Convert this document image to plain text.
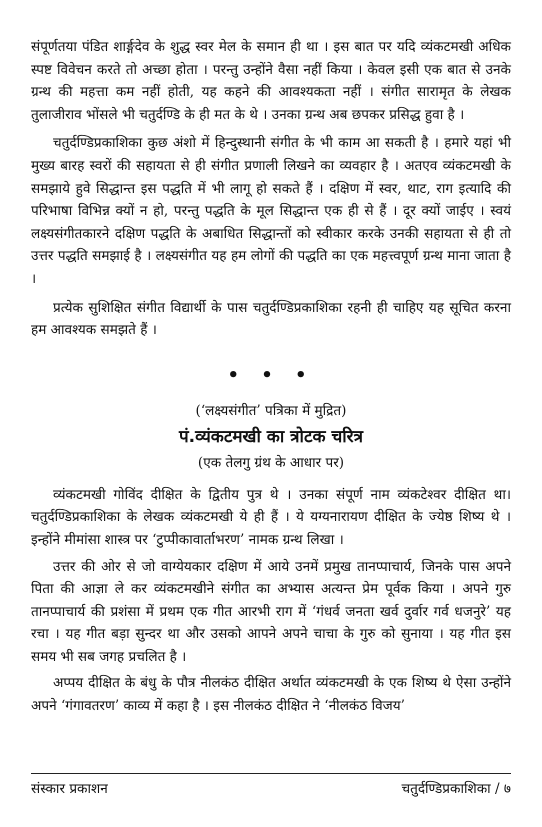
संपूर्णतया पंडित शार्ङ्गदेव के शुद्ध स्वर मेल के समान ही था । इस बात पर यदि व्यंकटमखी अधिक स्पष्ट विवेचन करते तो अच्छा होता । परन्तु उन्होंने वैसा नहीं किया । केवल इसी एक बात से उनके ग्रन्थ की महत्ता कम नहीं होती, यह कहने की आवश्यकता नहीं । संगीत सारामृत के लेखक तुलाजीराव भोंसले भी चतुर्दण्डि के ही मत के थे । उनका ग्रन्थ अब छपकर प्रसिद्ध हुवा है ।

चतुर्दण्डिप्रकाशिका कुछ अंशो में हिन्दुस्थानी संगीत के भी काम आ सकती है । हमारे यहां भी मुख्य बारह स्वरों की सहायता से ही संगीत प्रणाली लिखने का व्यवहार है । अतएव व्यंकटमखी के समझाये हुवे सिद्धान्त इस पद्धति में भी लागू हो सकते हैं । दक्षिण में स्वर, थाट, राग इत्यादि की परिभाषा विभिन्न क्यों न हो, परन्तु पद्धति के मूल सिद्धान्त एक ही से हैं । दूर क्यों जाईए । स्वयं लक्ष्यसंगीतकारने दक्षिण पद्धति के अबाधित सिद्धान्तों को स्वीकार करके उनकी सहायता से ही तो उत्तर पद्धति समझाई है । लक्ष्यसंगीत यह हम लोगों की पद्धति का एक महत्त्वपूर्ण ग्रन्थ माना जाता है ।

प्रत्येक सुशिक्षित संगीत विद्यार्थी के पास चतुर्दण्डिप्रकाशिका रहनी ही चाहिए यह सूचित करना हम आवश्यक समझते हैं ।

• • •

(‘लक्ष्यसंगीत’ पत्रिका में मुद्रित)

पं.व्यंकटमखी का त्रोटक चरित्र

(एक तेलगु ग्रंथ के आधार पर)

व्यंकटमखी गोविंद दीक्षित के द्वितीय पुत्र थे । उनका संपूर्ण नाम व्यंकटेश्वर दीक्षित था। चतुर्दण्डिप्रकाशिका के लेखक व्यंकटमखी ये ही हैं । ये यग्यनारायण दीक्षित के ज्येष्ठ शिष्य थे । इन्होंने मीमांसा शास्त्र पर ‘टुप्पीकावार्ताभरण’ नामक ग्रन्थ लिखा ।

उत्तर की ओर से जो वाग्येयकार दक्षिण में आये उनमें प्रमुख तानप्पाचार्य, जिनके पास अपने पिता की आज्ञा ले कर व्यंकटमखीने संगीत का अभ्यास अत्यन्त प्रेम पूर्वक किया । अपने गुरु तानप्पाचार्य की प्रशंसा में प्रथम एक गीत आरभी राग में ‘गंधर्व जनता खर्व दुर्वार गर्व धजनुरे’ यह रचा । यह गीत बड़ा सुन्दर था और उसको आपने अपने चाचा के गुरु को सुनाया । यह गीत इस समय भी सब जगह प्रचलित है ।

अप्पय दीक्षित के बंधु के पौत्र नीलकंठ दीक्षित अर्थात व्यंकटमखी के एक शिष्य थे ऐसा उन्होंने अपने ‘गंगावतरण’ काव्य में कहा है । इस नीलकंठ दीक्षित ने ‘नीलकंठ विजय’

संस्कार प्रकाशन	चतुर्दण्डिप्रकाशिका / ७
